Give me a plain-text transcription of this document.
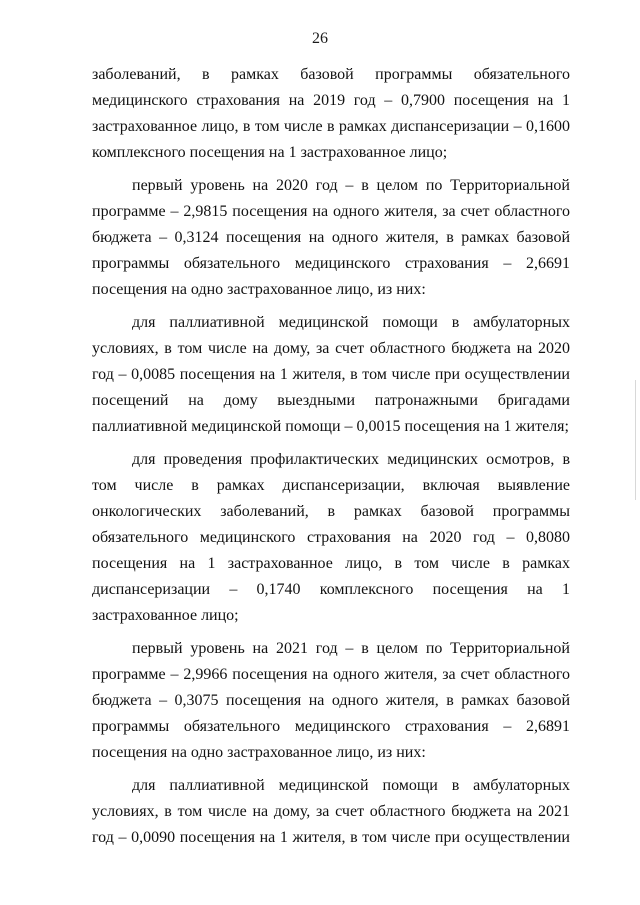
26

заболеваний, в рамках базовой программы обязательного медицинского страхования на 2019 год – 0,7900 посещения на 1 застрахованное лицо, в том числе в рамках диспансеризации – 0,1600 комплексного посещения на 1 застрахованное лицо;

первый уровень на 2020 год – в целом по Территориальной программе – 2,9815 посещения на одного жителя, за счет областного бюджета – 0,3124 посещения на одного жителя, в рамках базовой программы обязательного медицинского страхования – 2,6691 посещения на одно застрахованное лицо, из них:

для паллиативной медицинской помощи в амбулаторных условиях, в том числе на дому, за счет областного бюджета на 2020 год – 0,0085 посещения на 1 жителя, в том числе при осуществлении посещений на дому выездными патронажными бригадами паллиативной медицинской помощи – 0,0015 посещения на 1 жителя;

для проведения профилактических медицинских осмотров, в том числе в рамках диспансеризации, включая выявление онкологических заболеваний, в рамках базовой программы обязательного медицинского страхования на 2020 год – 0,8080 посещения на 1 застрахованное лицо, в том числе в рамках диспансеризации – 0,1740 комплексного посещения на 1 застрахованное лицо;

первый уровень на 2021 год – в целом по Территориальной программе – 2,9966 посещения на одного жителя, за счет областного бюджета – 0,3075 посещения на одного жителя, в рамках базовой программы обязательного медицинского страхования – 2,6891 посещения на одно застрахованное лицо, из них:

для паллиативной медицинской помощи в амбулаторных условиях, в том числе на дому, за счет областного бюджета на 2021 год – 0,0090 посещения на 1 жителя, в том числе при осуществлении
